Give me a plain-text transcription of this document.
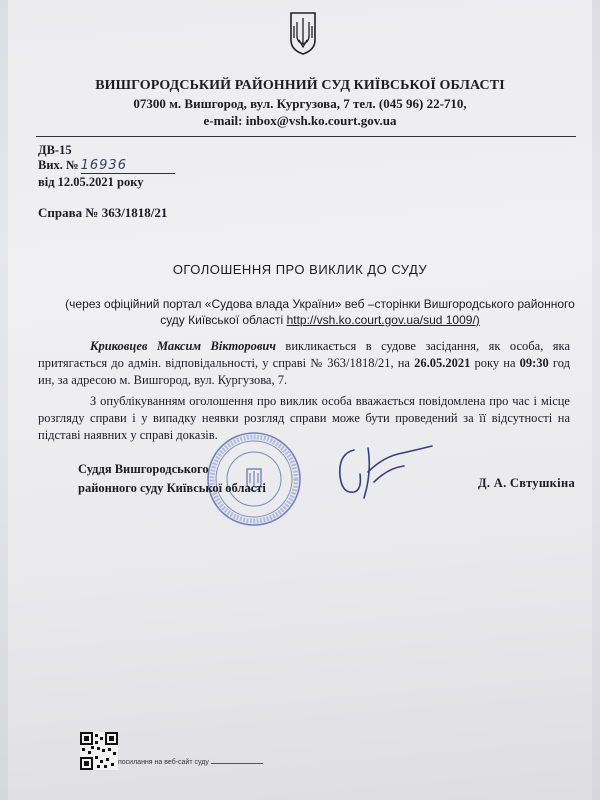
ВИШГОРОДСЬКИЙ РАЙОННИЙ СУД КИЇВСЬКОЇ ОБЛАСТІ
07300 м. Вишгород, вул. Кургузова, 7 тел. (045 96) 22-710,
e-mail: inbox@vsh.ko.court.gov.ua
ДВ-15
Вих. № 16936
від 12.05.2021 року
Справа № 363/1818/21
ОГОЛОШЕННЯ ПРО ВИКЛИК ДО СУДУ
(через офіційний портал «Судова влада України» веб –сторінки Вишгородського районного суду Київської області http://vsh.ko.court.gov.ua/sud 1009/)
Криковцев Максим Вікторович викликається в судове засідання, як особа, яка притягається до адмін. відповідальності, у справі № 363/1818/21, на 26.05.2021 року на 09:30 год ин, за адресою м. Вишгород, вул. Кургузова, 7.
З опублікуванням оголошення про виклик особа вважається повідомлена про час і місце розгляду справи і у випадку неявки розгляд справи може бути проведений за її відсутності на підставі наявних у справі доказів.
Суддя Вишгородського
районного суду Київської області	Д. А. Свтушкіна
посилання на веб-сайт суду
